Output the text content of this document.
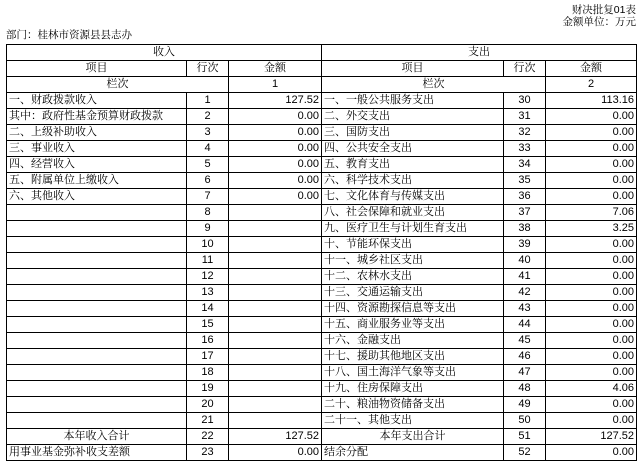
财决批复01表
金额单位：万元
部门：桂林市资源县县志办
收入			支出		
项目	行次	金额	项目	行次	金额
栏次		1	栏次		2
一、财政拨款收入	1	127.52	一、一般公共服务支出	30	113.16
其中：政府性基金预算财政拨款	2	0.00	二、外交支出	31	0.00
二、上级补助收入	3	0.00	三、国防支出	32	0.00
三、事业收入	4	0.00	四、公共安全支出	33	0.00
四、经营收入	5	0.00	五、教育支出	34	0.00
五、附属单位上缴收入	6	0.00	六、科学技术支出	35	0.00
六、其他收入	7	0.00	七、文化体育与传媒支出	36	0.00
	8		八、社会保障和就业支出	37	7.06
	9		九、医疗卫生与计划生育支出	38	3.25
	10		十、节能环保支出	39	0.00
	11		十一、城乡社区支出	40	0.00
	12		十二、农林水支出	41	0.00
	13		十三、交通运输支出	42	0.00
	14		十四、资源勘探信息等支出	43	0.00
	15		十五、商业服务业等支出	44	0.00
	16		十六、金融支出	45	0.00
	17		十七、援助其他地区支出	46	0.00
	18		十八、国土海洋气象等支出	47	0.00
	19		十九、住房保障支出	48	4.06
	20		二十、粮油物资储备支出	49	0.00
	21		二十一、其他支出	50	0.00
本年收入合计	22	127.52	本年支出合计	51	127.52
用事业基金弥补收支差额	23	0.00	结余分配	52	0.00
